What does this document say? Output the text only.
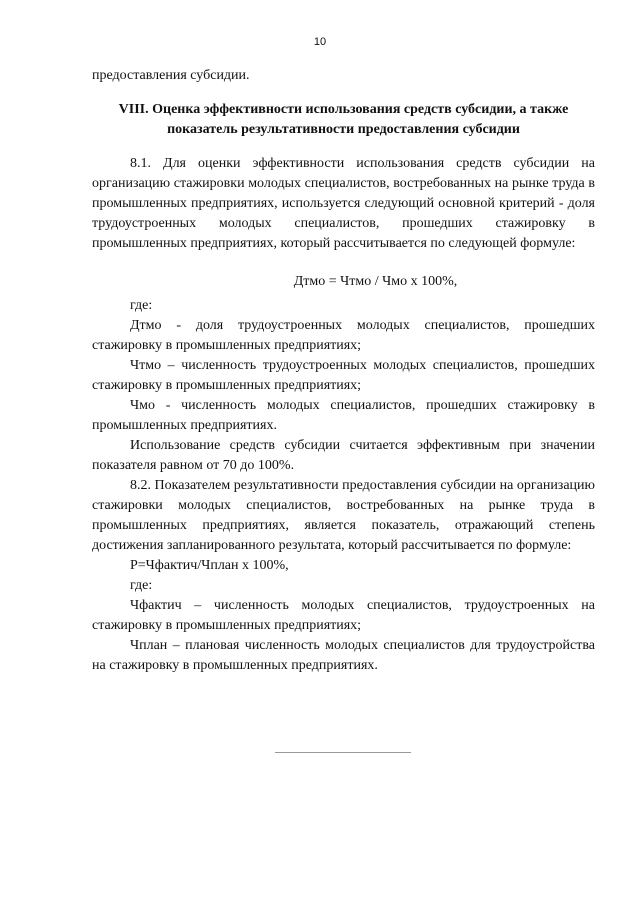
10

предоставления субсидии.

VIII. Оценка эффективности использования средств субсидии, а также
показатель результативности предоставления субсидии

8.1. Для оценки эффективности использования средств субсидии на организацию стажировки молодых специалистов, востребованных на рынке труда в промышленных предприятиях, используется следующий основной критерий - доля трудоустроенных молодых специалистов, прошедших стажировку в промышленных предприятиях, который рассчитывается по следующей формуле:

Дтмо = Чтмо / Чмо х 100%,

где:

Дтмо - доля трудоустроенных молодых специалистов, прошедших стажировку в промышленных предприятиях;

Чтмо – численность трудоустроенных молодых специалистов, прошедших стажировку в промышленных предприятиях;

Чмо - численность молодых специалистов, прошедших стажировку в промышленных предприятиях.

Использование средств субсидии считается эффективным при значении показателя равном от 70 до 100%.

8.2. Показателем результативности предоставления субсидии на организацию стажировки молодых специалистов, востребованных на рынке труда в промышленных предприятиях, является показатель, отражающий степень достижения запланированного результата, который рассчитывается по формуле:

Р=Чфактич/Чплан х 100%,

где:

Чфактич – численность молодых специалистов, трудоустроенных на стажировку в промышленных предприятиях;

Чплан – плановая численность молодых специалистов для трудоустройства на стажировку в промышленных предприятиях.
